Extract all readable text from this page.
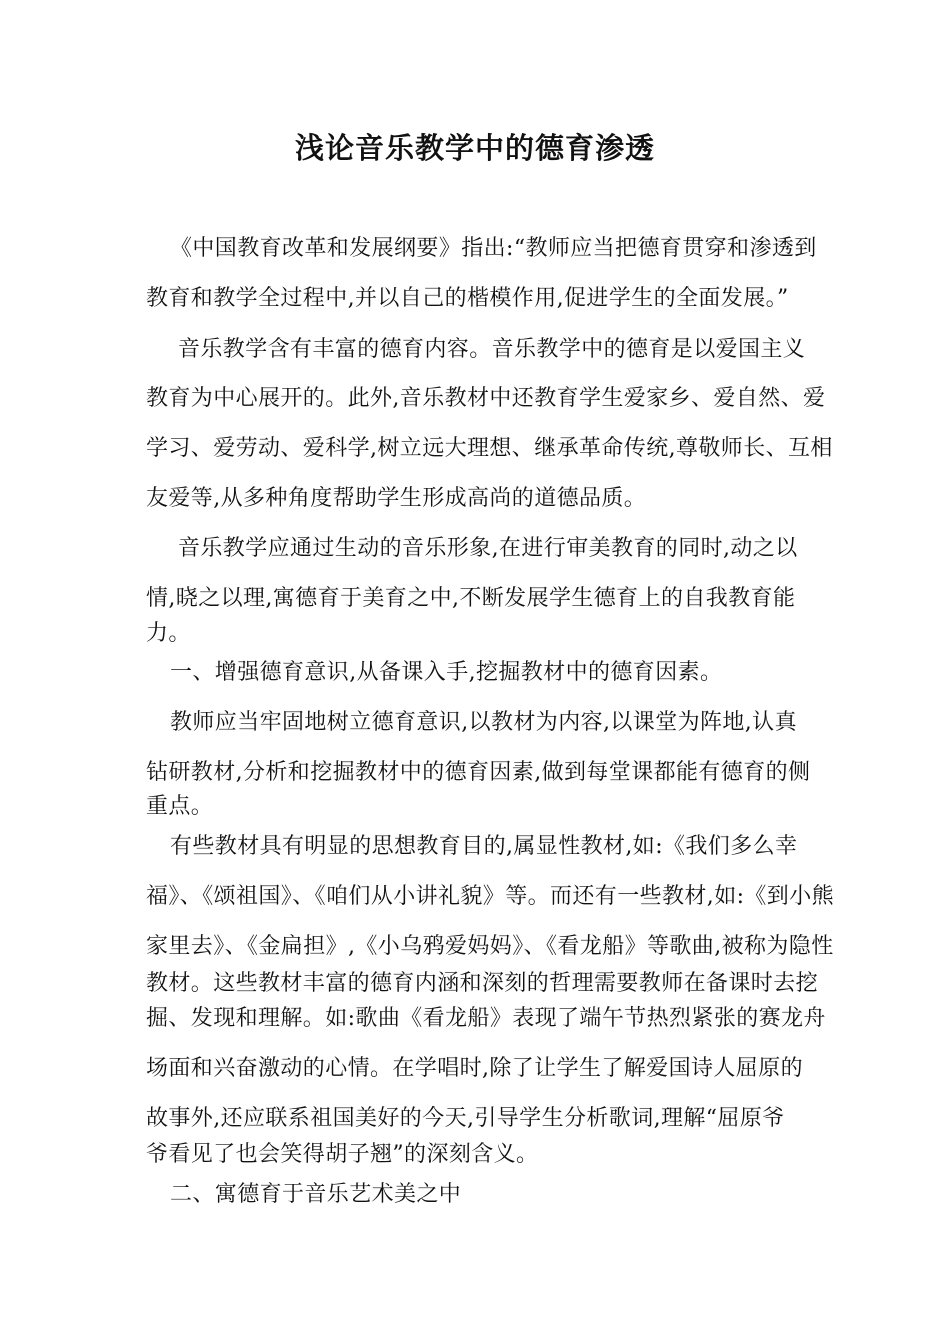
浅论音乐教学中的德育渗透
《中国教育改革和发展纲要》指出:“教师应当把德育贯穿和渗透到
教育和教学全过程中,并以自己的楷模作用,促进学生的全面发展。”
音乐教学含有丰富的德育内容。音乐教学中的德育是以爱国主义
教育为中心展开的。此外,音乐教材中还教育学生爱家乡、爱自然、爱
学习、爱劳动、爱科学,树立远大理想、继承革命传统,尊敬师长、互相
友爱等,从多种角度帮助学生形成高尚的道德品质。
音乐教学应通过生动的音乐形象,在进行审美教育的同时,动之以
情,晓之以理,寓德育于美育之中,不断发展学生德育上的自我教育能
力。
一、增强德育意识,从备课入手,挖掘教材中的德育因素。
教师应当牢固地树立德育意识,以教材为内容,以课堂为阵地,认真
钻研教材,分析和挖掘教材中的德育因素,做到每堂课都能有德育的侧
重点。
有些教材具有明显的思想教育目的,属显性教材,如:《我们多么幸
福》、《颂祖国》、《咱们从小讲礼貌》等。而还有一些教材,如:《到小熊
家里去》、《金扁担》,《小乌鸦爱妈妈》、《看龙船》等歌曲,被称为隐性
教材。这些教材丰富的德育内涵和深刻的哲理需要教师在备课时去挖
掘、发现和理解。如:歌曲《看龙船》表现了端午节热烈紧张的赛龙舟
场面和兴奋激动的心情。在学唱时,除了让学生了解爱国诗人屈原的
故事外,还应联系祖国美好的今天,引导学生分析歌词,理解“屈原爷
爷看见了也会笑得胡子翘”的深刻含义。
二、寓德育于音乐艺术美之中
